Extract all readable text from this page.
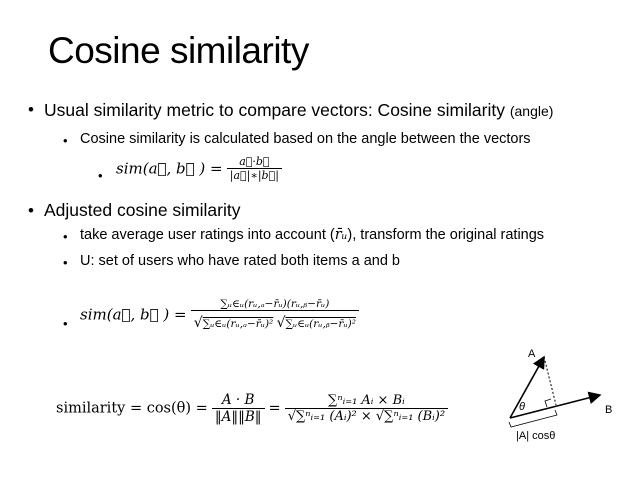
Cosine similarity
• Usual similarity metric to compare vectors: Cosine similarity (angle)
• Cosine similarity is calculated based on the angle between the vectors
• sim(a⃗, b⃗ ) = $\frac{a⃗\cdot b⃗}{|a⃗|∗|b⃗|}$
• Adjusted cosine similarity
• take average user ratings into account (r̄ᵤ), transform the original ratings
• U: set of users who have rated both items a and b
• sim(a⃗, b⃗ ) = $\frac{\text{∑ᵤ∈ᵤ(rᵤ,ₐ−r̄ᵤ)(rᵤ,ᵦ−r̄ᵤ)}}{\text{√∑ᵤ∈ᵤ(rᵤ,ₐ−r̄ᵤ)² √∑ᵤ∈ᵤ(rᵤ,ᵦ−r̄ᵤ)²}}$
similarity = $\cos(\theta) = \frac{A \cdot B}{‖A‖‖B‖} = \frac{\text{∑ⁿᵢ₌₁ Aᵢ × Bᵢ}}{\text{√∑ⁿᵢ₌₁ (Aᵢ)² × √∑ⁿᵢ₌₁ (Bᵢ)²}}$
A
B
θ
|A| cosθ
